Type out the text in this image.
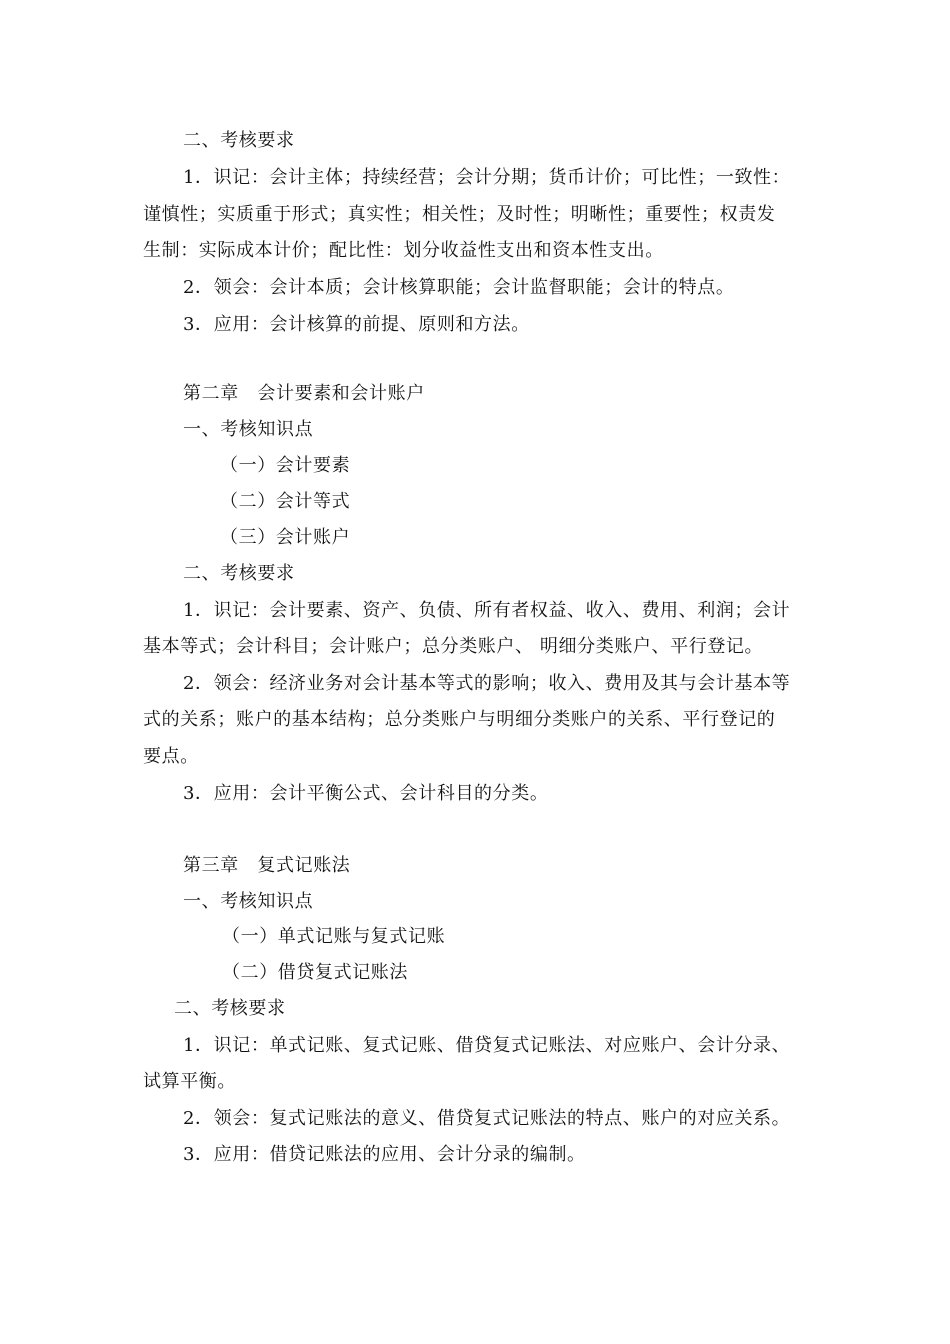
二、考核要求
1．识记：会计主体；持续经营；会计分期；货币计价；可比性；一致性：
谨慎性；实质重于形式；真实性；相关性；及时性；明晰性；重要性；权责发
生制：实际成本计价；配比性：划分收益性支出和资本性支出。
2．领会：会计本质；会计核算职能；会计监督职能；会计的特点。
3．应用：会计核算的前提、原则和方法。
第二章　会计要素和会计账户
一、考核知识点
（一）会计要素
（二）会计等式
（三）会计账户
二、考核要求
1．识记：会计要素、资产、负债、所有者权益、收入、费用、利润；会计
基本等式；会计科目；会计账户；总分类账户、 明细分类账户、平行登记。
2．领会：经济业务对会计基本等式的影响；收入、费用及其与会计基本等
式的关系；账户的基本结构；总分类账户与明细分类账户的关系、平行登记的
要点。
3．应用：会计平衡公式、会计科目的分类。
第三章　复式记账法
一、考核知识点
（一）单式记账与复式记账
（二）借贷复式记账法
二、考核要求
1．识记：单式记账、复式记账、借贷复式记账法、对应账户、会计分录、
试算平衡。
2．领会：复式记账法的意义、借贷复式记账法的特点、账户的对应关系。
3．应用：借贷记账法的应用、会计分录的编制。
